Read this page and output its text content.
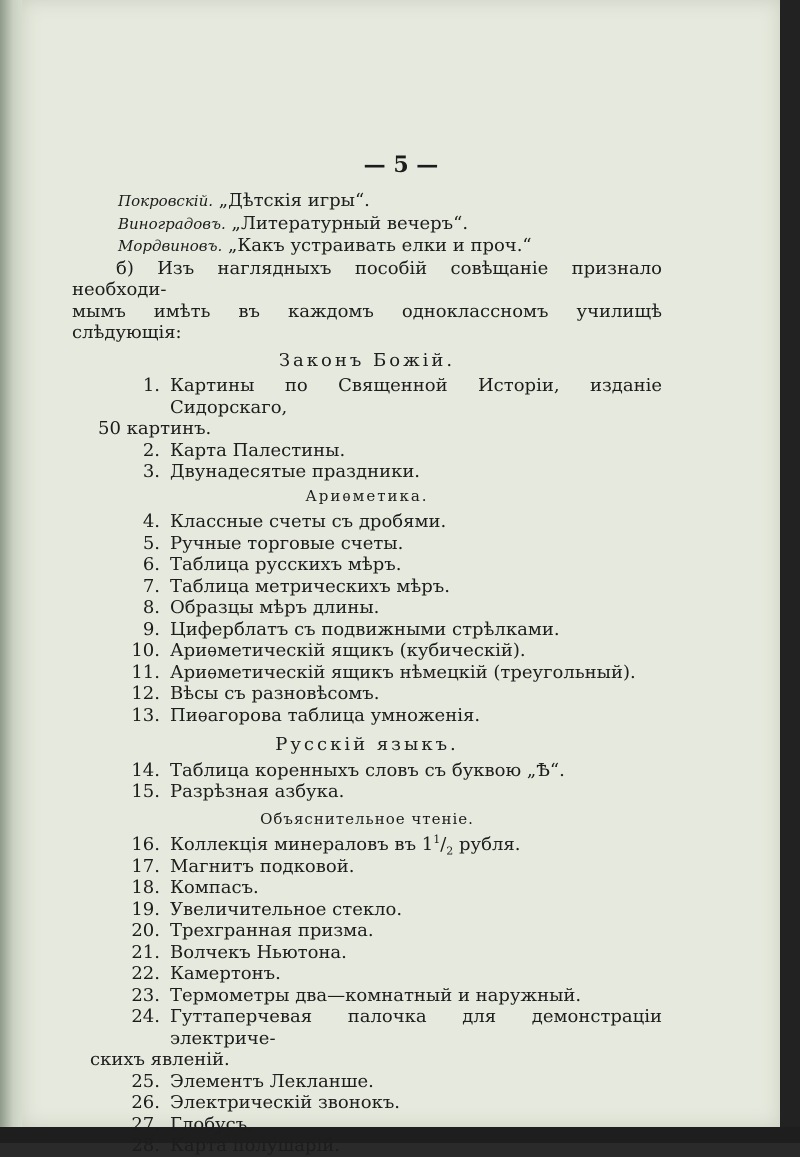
— 5 —
Покровскій. „Дѣтскія игры“.
Виноградовъ. „Литературный вечеръ“.
Мордвиновъ. „Какъ устраивать елки и проч.“
б) Изъ наглядныхъ пособій совѣщаніе признало необходи-
мымъ имѣть въ каждомъ одноклассномъ училищѣ слѣдующія:
Законъ Божій.
1. Картины по Священной Исторіи, изданіе Сидорскаго,
50 картинъ.
2. Карта Палестины.
3. Двунадесятые праздники.
Ариѳметика.
4. Классные счеты съ дробями.
5. Ручные торговые счеты.
6. Таблица русскихъ мѣръ.
7. Таблица метрическихъ мѣръ.
8. Образцы мѣръ длины.
9. Циферблатъ съ подвижными стрѣлками.
10. Ариѳметическій ящикъ (кубическій).
11. Ариѳметическій ящикъ нѣмецкій (треугольный).
12. Вѣсы съ разновѣсомъ.
13. Пиѳагорова таблица умноженія.
Русскій языкъ.
14. Таблица коренныхъ словъ съ буквою „Ѣ“.
15. Разрѣзная азбука.
Объяснительное чтеніе.
16. Коллекція минераловъ въ $1^1/_2$ рубля.
17. Магнитъ подковой.
18. Компасъ.
19. Увеличительное стекло.
20. Трехгранная призма.
21. Волчекъ Ньютона.
22. Камертонъ.
23. Термометры два—комнатный и наружный.
24. Гуттаперчевая палочка для демонстраціи электриче-
скихъ явленій.
25. Элементъ Лекланше.
26. Электрическій звонокъ.
27. Глобусъ.
28. Карта полушарій.
